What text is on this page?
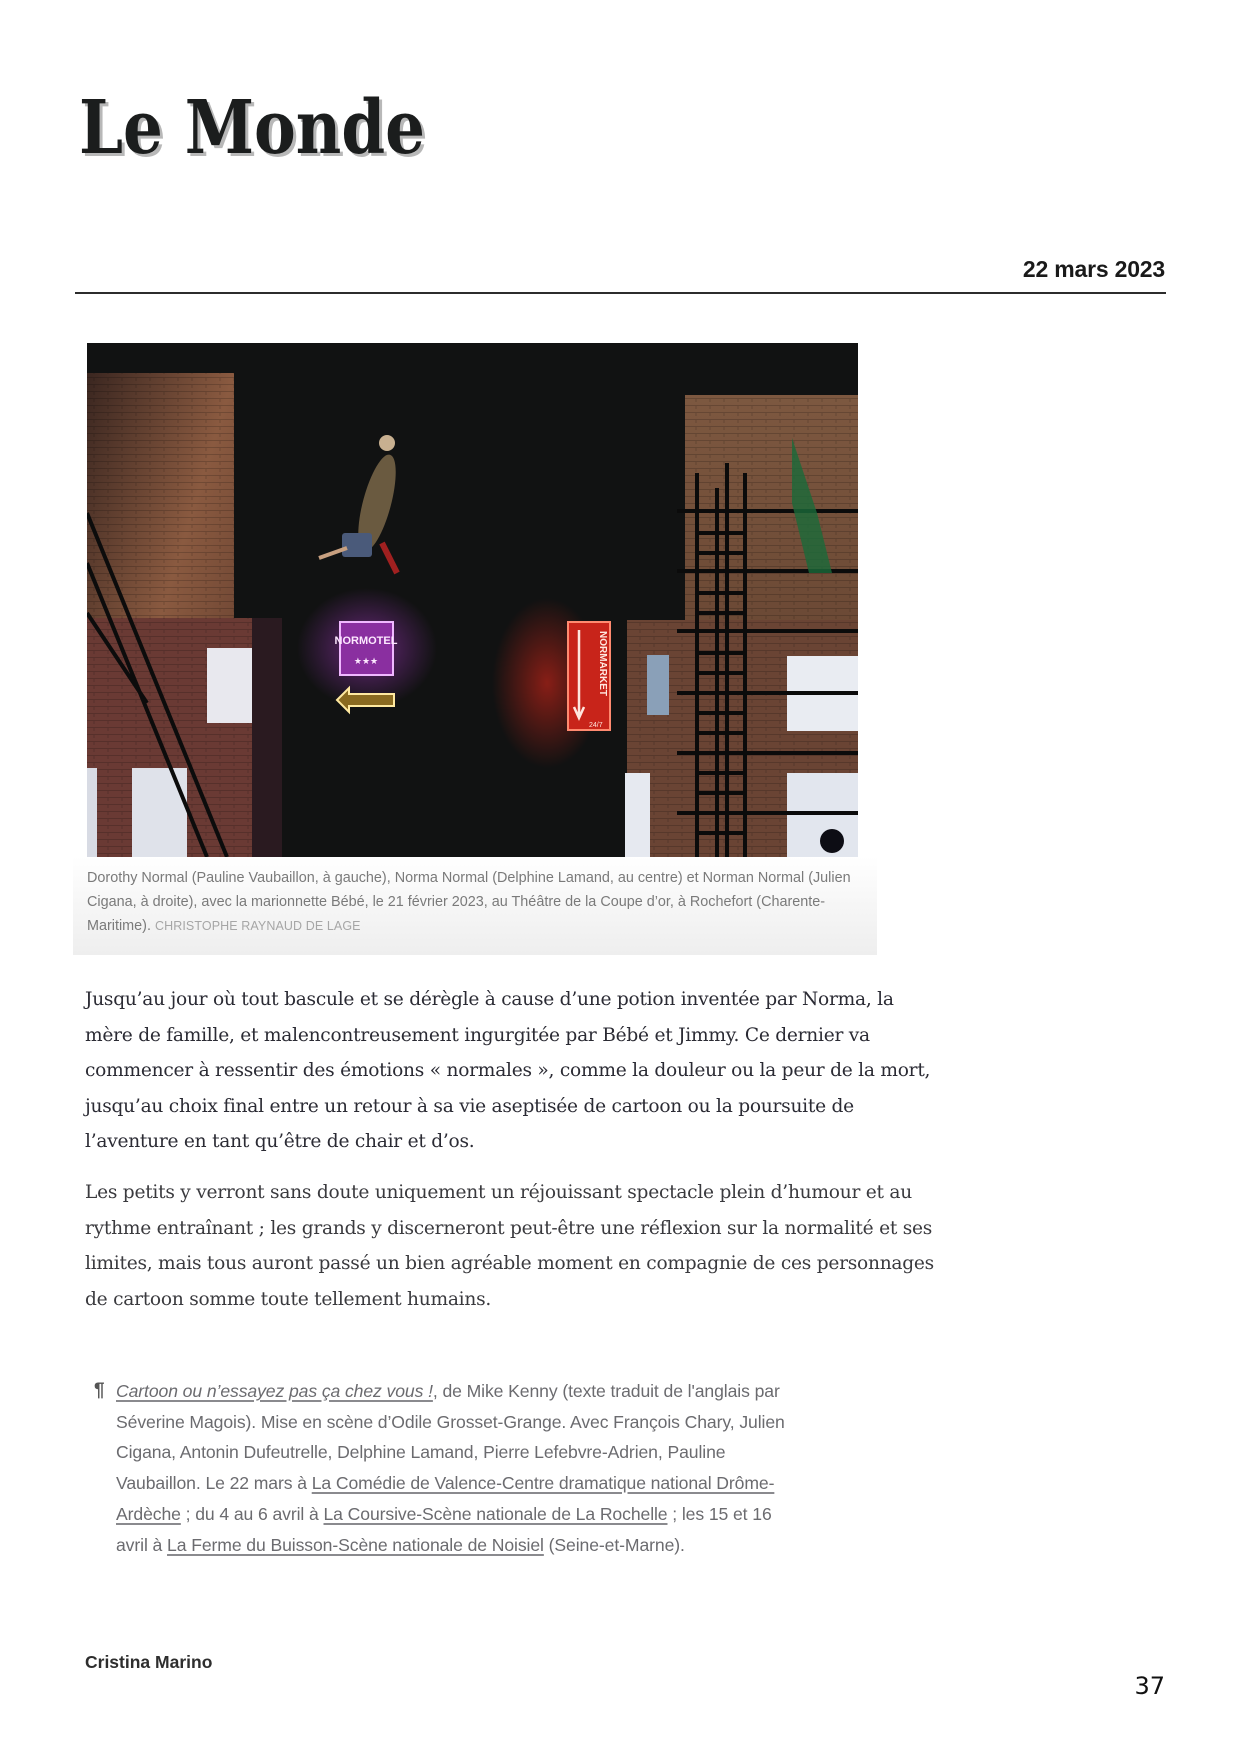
Le Monde
Le Monde
22 mars 2023
NORMOTEL
★★★	NORMARKET
24/7
Dorothy Normal (Pauline Vaubaillon, à gauche), Norma Normal (Delphine Lamand, au centre) et Norman Normal (Julien Cigana, à droite), avec la marionnette Bébé, le 21 février 2023, au Théâtre de la Coupe d’or, à Rochefort (Charente-Maritime). CHRISTOPHE RAYNAUD DE LAGE
Jusqu’au jour où tout bascule et se dérègle à cause d’une potion inventée par Norma, la mère de famille, et malencontreusement ingurgitée par Bébé et Jimmy. Ce dernier va commencer à ressentir des émotions « normales », comme la douleur ou la peur de la mort, jusqu’au choix final entre un retour à sa vie aseptisée de cartoon ou la poursuite de l’aventure en tant qu’être de chair et d’os.
Les petits y verront sans doute uniquement un réjouissant spectacle plein d’humour et au rythme entraînant ; les grands y discerneront peut-être une réflexion sur la normalité et ses limites, mais tous auront passé un bien agréable moment en compagnie de ces personnages de cartoon somme toute tellement humains.
¶ Cartoon ou n’essayez pas ça chez vous !, de Mike Kenny (texte traduit de l'anglais par Séverine Magois). Mise en scène d’Odile Grosset-Grange. Avec François Chary, Julien Cigana, Antonin Dufeutrelle, Delphine Lamand, Pierre Lefebvre-Adrien, Pauline Vaubaillon. Le 22 mars à La Comédie de Valence-Centre dramatique national Drôme-Ardèche ; du 4 au 6 avril à La Coursive-Scène nationale de La Rochelle ; les 15 et 16 avril à La Ferme du Buisson-Scène nationale de Noisiel (Seine-et-Marne).
Cristina Marino
37
